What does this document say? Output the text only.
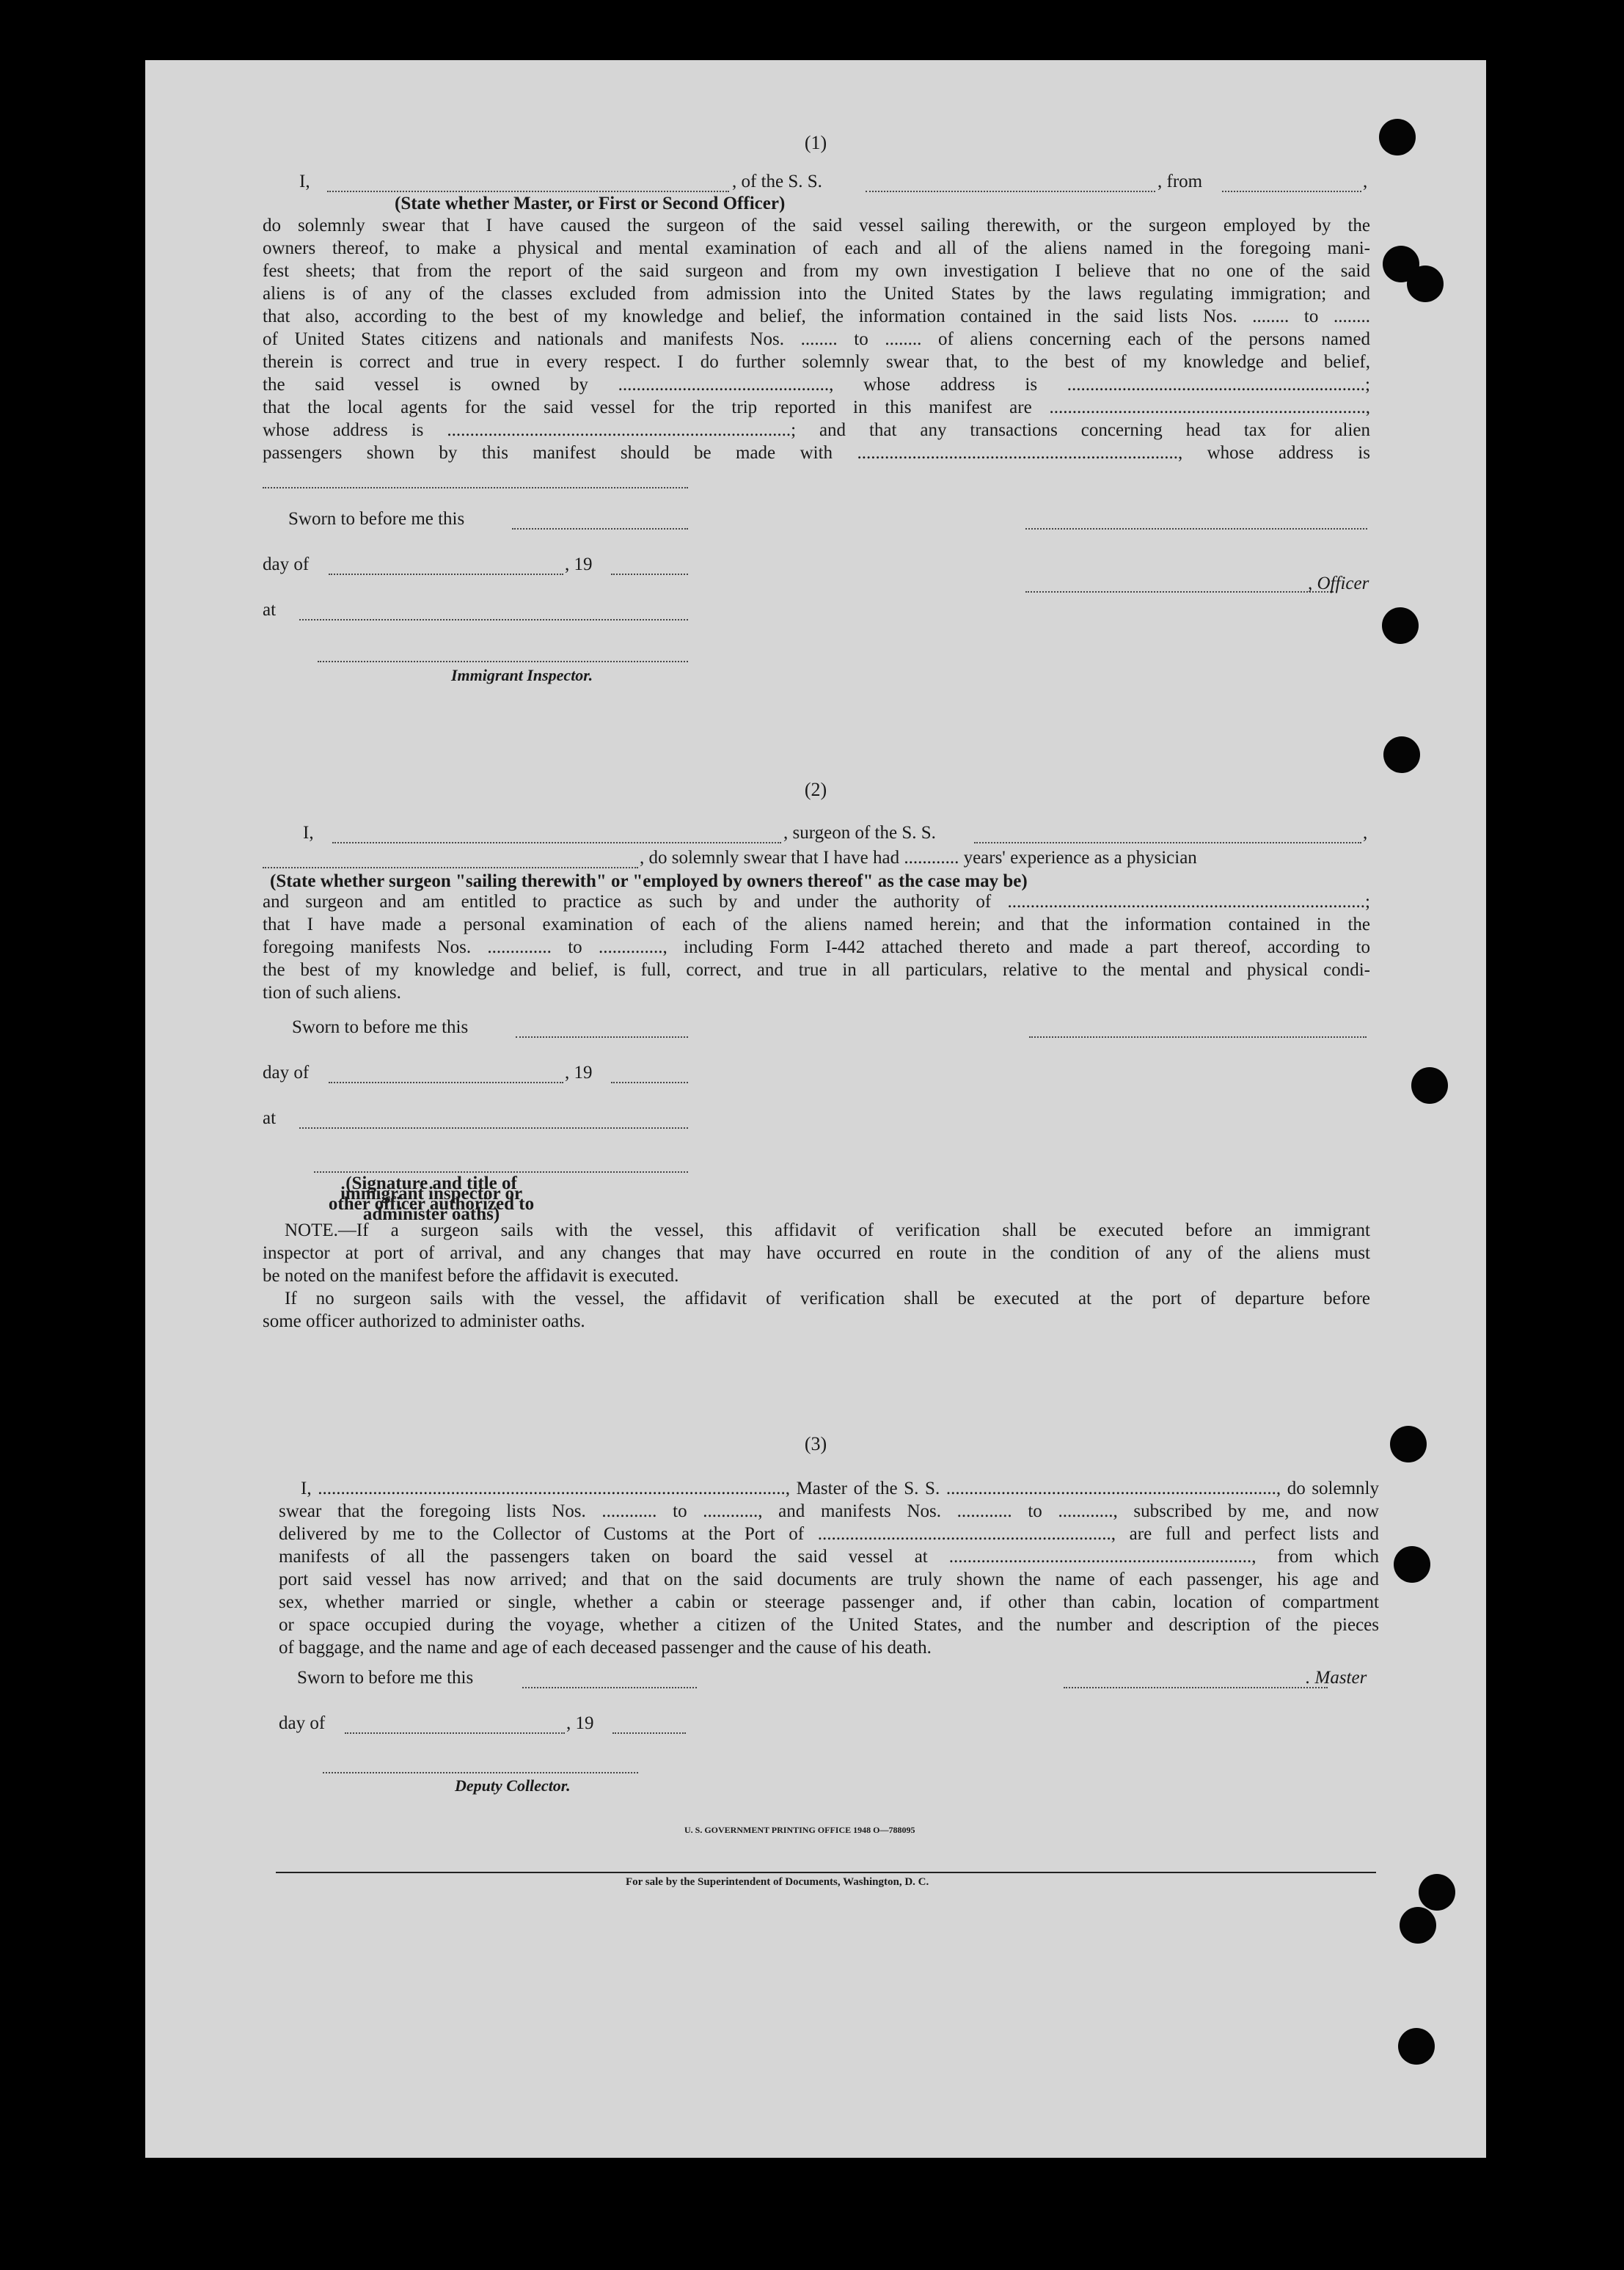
(1)
I,	, of the S. S.	, from	,
(State whether Master, or First or Second Officer)
do solemnly swear that I have caused the surgeon of the said vessel sailing therewith, or the surgeon employed by the
owners thereof, to make a physical and mental examination of each and all of the aliens named in the foregoing mani-
fest sheets; that from the report of the said surgeon and from my own investigation I believe that no one of the said
aliens is of any of the classes excluded from admission into the United States by the laws regulating immigration; and
that also, according to the best of my knowledge and belief, the information contained in the said lists Nos. ........ to ........
of United States citizens and nationals and manifests Nos. ........ to ........ of aliens concerning each of the persons named
therein is correct and true in every respect. I do further solemnly swear that, to the best of my knowledge and belief,
the said vessel is owned by .............................................., whose address is .................................................................;
that the local agents for the said vessel for the trip reported in this manifest are .....................................................................,
whose address is ...........................................................................; and that any transactions concerning head tax for alien
passengers shown by this manifest should be made with ......................................................................, whose address is
Sworn to before me this
day of	, 19
, Officer
at
Immigrant Inspector.
(2)
I,	, surgeon of the S. S.	,
, do solemnly swear that I have had ............ years' experience as a physician
(State whether surgeon "sailing therewith" or "employed by owners thereof" as the case may be)
and surgeon and am entitled to practice as such by and under the authority of ..............................................................................;
that I have made a personal examination of each of the aliens named herein; and that the information contained in the
foregoing manifests Nos. .............. to .............., including Form I-442 attached thereto and made a part thereof, according to
the best of my knowledge and belief, is full, correct, and true in all particulars, relative to the mental and physical condi-
tion of such aliens.
Sworn to before me this
day of	, 19
at
(Signature and title of immigrant inspector or other officer authorized to administer oaths)
NOTE.—If a surgeon sails with the vessel, this affidavit of verification shall be executed before an immigrant
inspector at port of arrival, and any changes that may have occurred en route in the condition of any of the aliens must
be noted on the manifest before the affidavit is executed.
If no surgeon sails with the vessel, the affidavit of verification shall be executed at the port of departure before
some officer authorized to administer oaths.
(3)
I, ......................................................................................................, Master of the S. S. ........................................................................, do solemnly
swear that the foregoing lists Nos. ............ to ............, and manifests Nos. ............ to ............, subscribed by me, and now
delivered by me to the Collector of Customs at the Port of ................................................................, are full and perfect lists and
manifests of all the passengers taken on board the said vessel at .................................................................., from which
port said vessel has now arrived; and that on the said documents are truly shown the name of each passenger, his age and
sex, whether married or single, whether a cabin or steerage passenger and, if other than cabin, location of compartment
or space occupied during the voyage, whether a citizen of the United States, and the number and description of the pieces
of baggage, and the name and age of each deceased passenger and the cause of his death.
Sworn to before me this	. Master
day of	, 19
Deputy Collector.
U. S. GOVERNMENT PRINTING OFFICE 1948 O—788095
For sale by the Superintendent of Documents, Washington, D. C.
